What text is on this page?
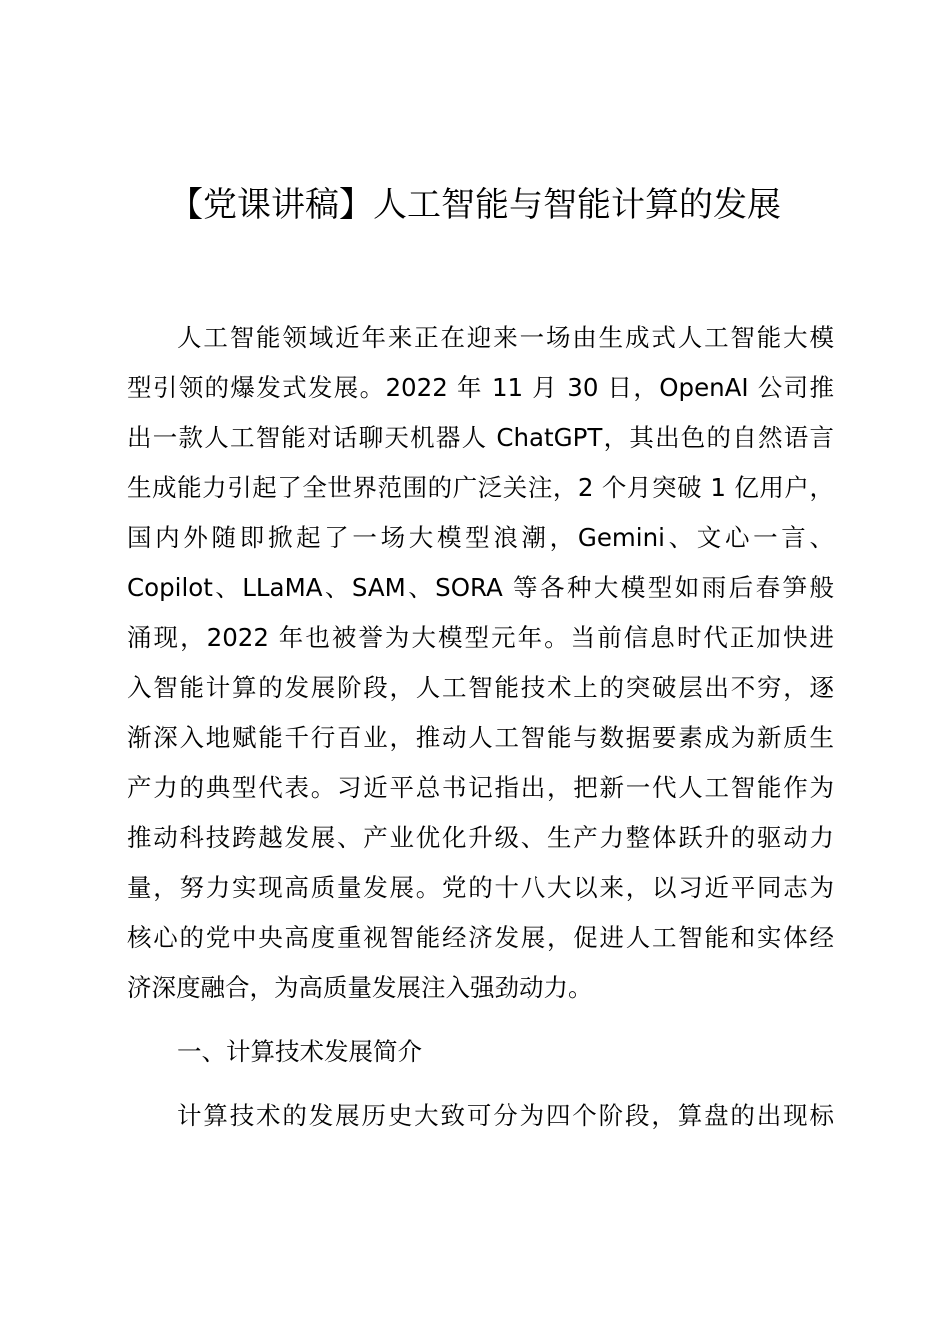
【党课讲稿】人工智能与智能计算的发展
人工智能领域近年来正在迎来一场由生成式人工智能大模
型引领的爆发式发展。2022 年 11 月 30 日，OpenAI 公司推
出一款人工智能对话聊天机器人 ChatGPT，其出色的自然语言
生成能力引起了全世界范围的广泛关注，2 个月突破 1 亿用户，
国内外随即掀起了一场大模型浪潮，Gemini、文心一言、
Copilot、LLaMA、SAM、SORA 等各种大模型如雨后春笋般
涌现，2022 年也被誉为大模型元年。当前信息时代正加快进
入智能计算的发展阶段，人工智能技术上的突破层出不穷，逐
渐深入地赋能千行百业，推动人工智能与数据要素成为新质生
产力的典型代表。习近平总书记指出，把新一代人工智能作为
推动科技跨越发展、产业优化升级、生产力整体跃升的驱动力
量，努力实现高质量发展。党的十八大以来，以习近平同志为
核心的党中央高度重视智能经济发展，促进人工智能和实体经
济深度融合，为高质量发展注入强劲动力。
一、计算技术发展简介
计算技术的发展历史大致可分为四个阶段，算盘的出现标
